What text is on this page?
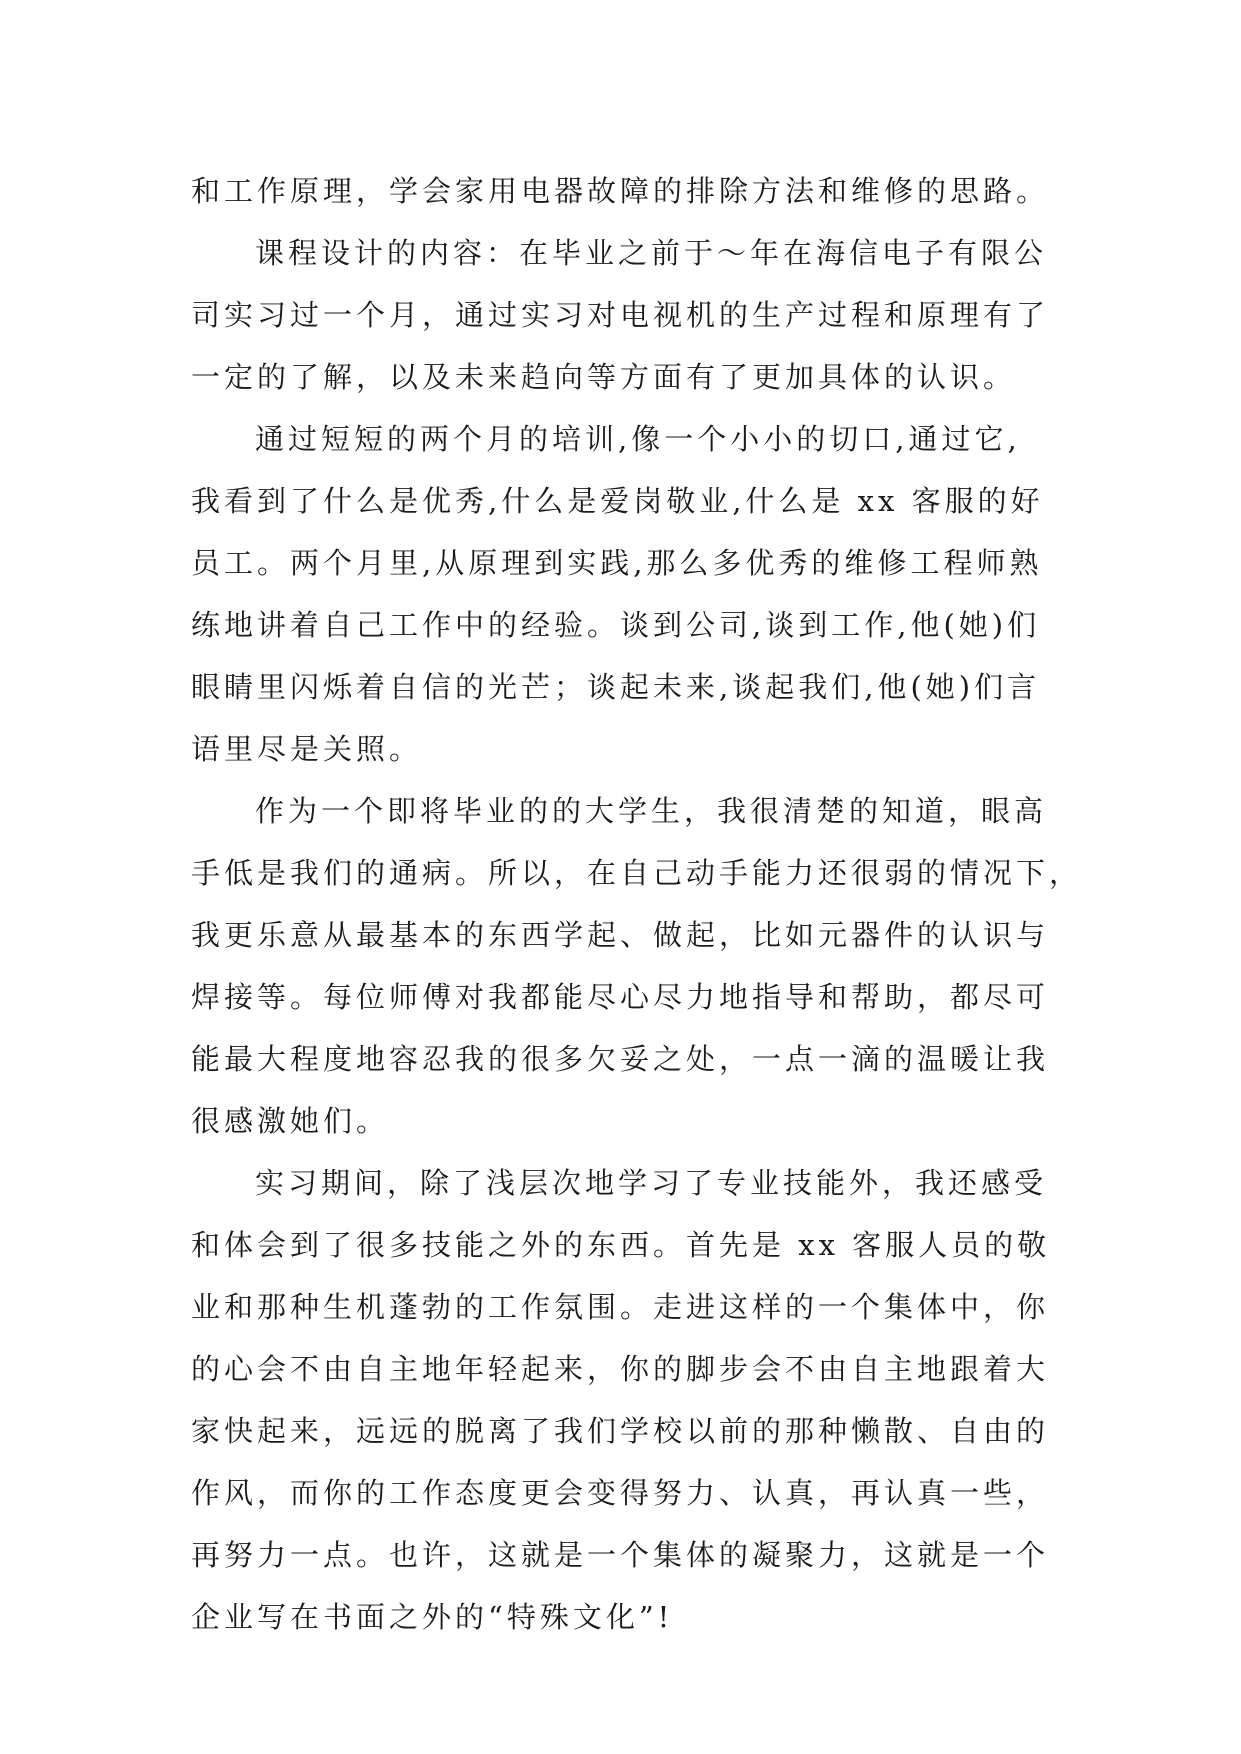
和工作原理，学会家用电器故障的排除方法和维修的思路。
课程设计的内容：在毕业之前于～年在海信电子有限公
司实习过一个月，通过实习对电视机的生产过程和原理有了
一定的了解，以及未来趋向等方面有了更加具体的认识。
通过短短的两个月的培训,像一个小小的切口,通过它,
我看到了什么是优秀,什么是爱岗敬业,什么是 xx 客服的好
员工。两个月里,从原理到实践,那么多优秀的维修工程师熟
练地讲着自己工作中的经验。谈到公司,谈到工作,他(她)们
眼睛里闪烁着自信的光芒；谈起未来,谈起我们,他(她)们言
语里尽是关照。
作为一个即将毕业的的大学生，我很清楚的知道，眼高
手低是我们的通病。所以，在自己动手能力还很弱的情况下，
我更乐意从最基本的东西学起、做起，比如元器件的认识与
焊接等。每位师傅对我都能尽心尽力地指导和帮助，都尽可
能最大程度地容忍我的很多欠妥之处，一点一滴的温暖让我
很感激她们。
实习期间，除了浅层次地学习了专业技能外，我还感受
和体会到了很多技能之外的东西。首先是 xx 客服人员的敬
业和那种生机蓬勃的工作氛围。走进这样的一个集体中，你
的心会不由自主地年轻起来，你的脚步会不由自主地跟着大
家快起来，远远的脱离了我们学校以前的那种懒散、自由的
作风，而你的工作态度更会变得努力、认真，再认真一些，
再努力一点。也许，这就是一个集体的凝聚力，这就是一个
企业写在书面之外的“特殊文化”!
